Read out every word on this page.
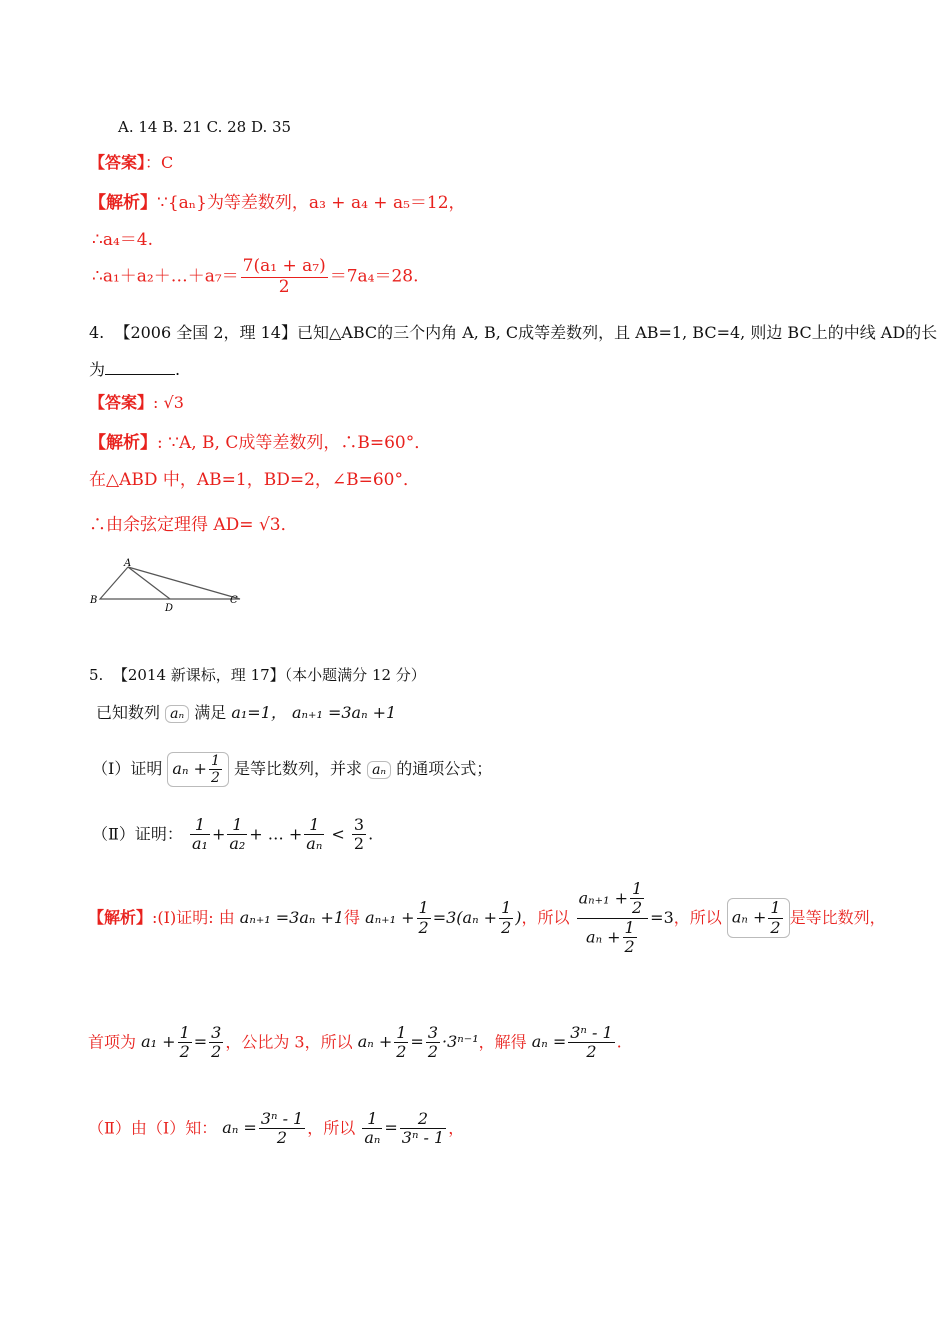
A. 14 B. 21 C. 28 D. 35
【答案】：C
【解析】∵{aₙ}为等差数列，a₃ + a₄ + a₅＝12，
∴a₄＝4.
∴a₁＋a₂＋…＋a₇＝ $\frac{\text{7(a₁ + a₇)}}{2} =7a_4=28$.
4. 【2006 全国 2，理 14】已知△ABC的三个内角 A, B, C成等差数列，且 AB=1, BC=4, 则边 BC上的中线 AD的长
为	.
【答案】: √3
【解析】: ∵A, B, C成等差数列，∴B=60°．
在△ABD 中，AB=1，BD=2，∠B=60°．
∴由余弦定理得 AD= √3．
A
B
D
C
5. 【2014 新课标，理 17】（本小题满分 12 分）
已知数列 aₙ 满足 a₁=1， aₙ₊₁ =3aₙ +1
（Ⅰ）证明 $a_n + \frac{1}{2}$ 是等比数列，并求 aₙ 的通项公式；
（Ⅱ）证明： $\frac{1}{\text{a₁}} + \frac{1}{\text{a₂}}$ + … + $\frac{1}{\text{aₙ}} < \frac{3}{2}$ .
【解析】:(Ⅰ)证明: 由 aₙ₊₁ =3aₙ +1得 $a_{n+1} + \frac{1}{2} =3(a_n + \frac{1}{2}$ )，所以 $\frac{a_{n+1} + \frac{1}{2}}{a_n + \frac{1}{2}} =3$，所以 $a_n + \frac{1}{2}$ 是等比数列，
首项为 $a_1 + \frac{1}{2} = \frac{3}{2}$ ，公比为 3，所以 $a_n + \frac{1}{2} = \frac{3}{2} \cdot 3^{n-1}$，解得 $a_n = \frac{\text{3ⁿ - 1}}{2}$ .
（Ⅱ）由（Ⅰ）知： $a_n = \frac{\text{3ⁿ - 1}}{2}$ ，所以 $\frac{1}{\text{aₙ}} = \frac{2}{\text{3ⁿ - 1}}$ ，
